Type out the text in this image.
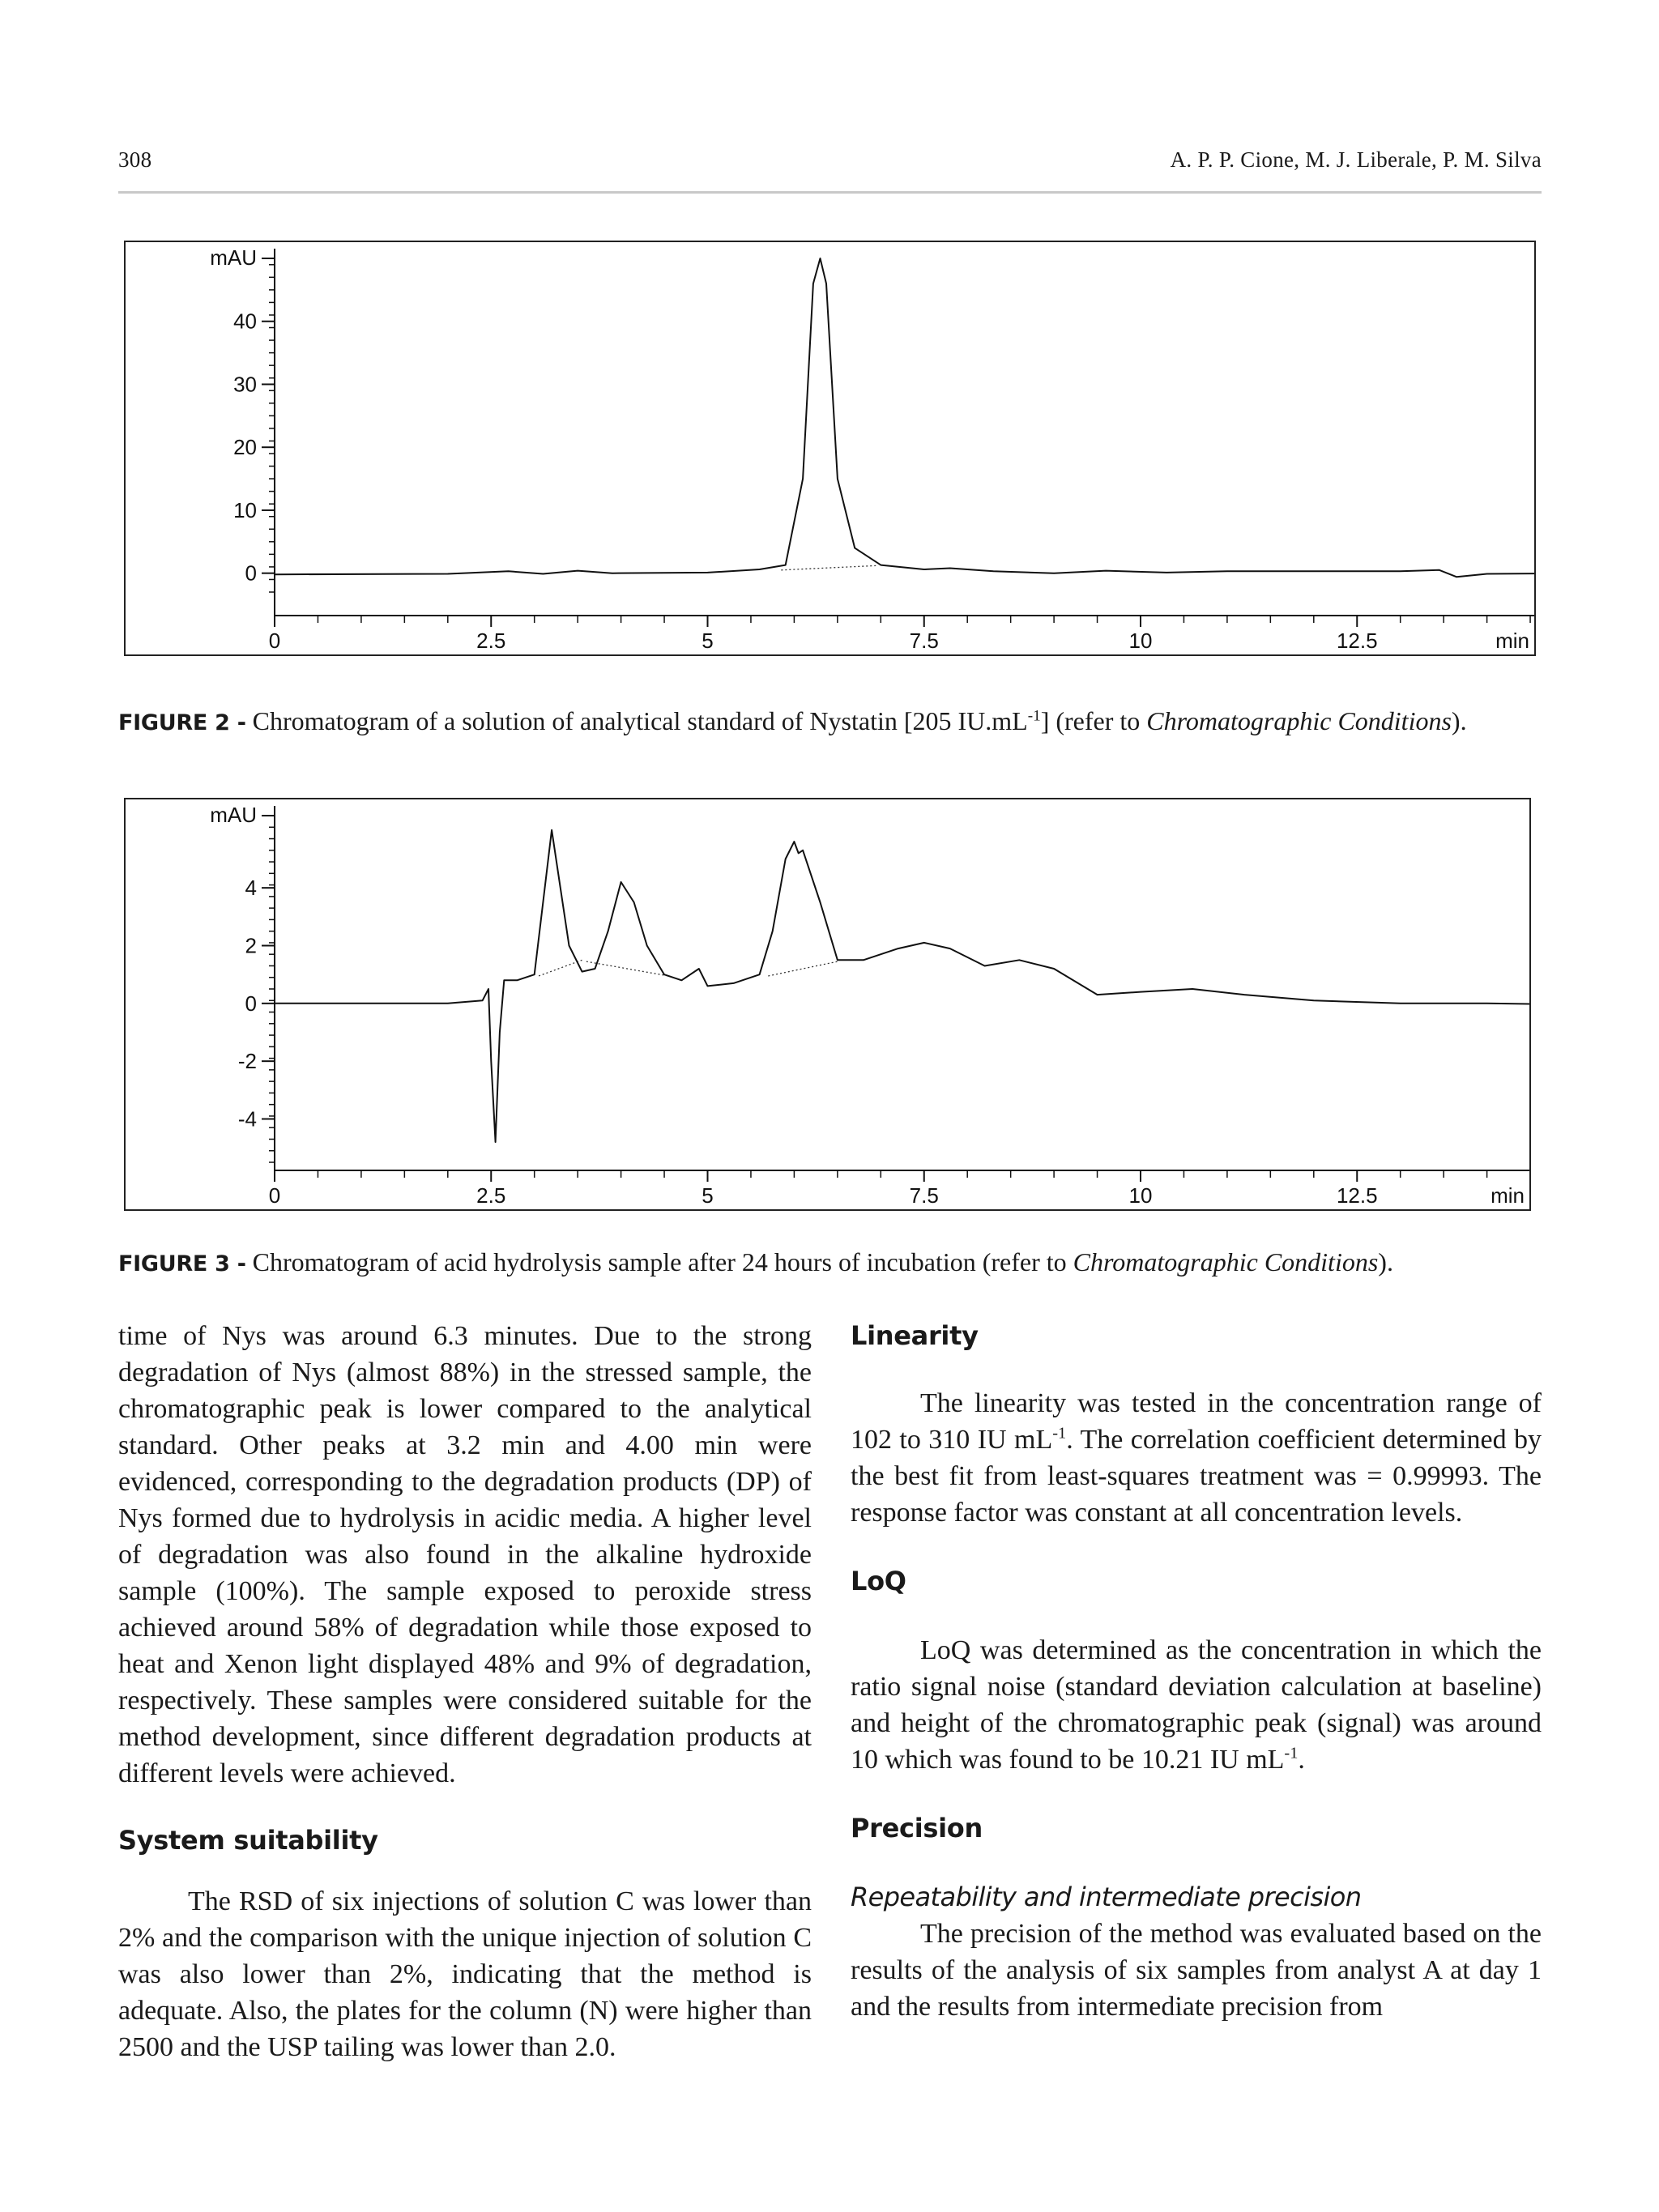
308	A. P. P. Cione, M. J. Liberale, P. M. Silva
mAU
0
10
20
30
40
0	2.5	5	7.5	10	12.5	min
FIGURE 2 - Chromatogram of a solution of analytical standard of Nystatin [205 $IU.mL^{-1}$] (refer to Chromatographic Conditions).
mAU
4
2
0
-2
-4
0	2.5	5	7.5	10	12.5	min
FIGURE 3 - Chromatogram of acid hydrolysis sample after 24 hours of incubation (refer to Chromatographic Conditions).

time of Nys was around 6.3 minutes. Due to the strong degradation of Nys (almost 88%) in the stressed sample, the chromatographic peak is lower compared to the analytical standard. Other peaks at 3.2 min and 4.00 min were evidenced, corresponding to the degradation products (DP) of Nys formed due to hydrolysis in acidic media. A higher level of degradation was also found in the alkaline hydroxide sample (100%). The sample exposed to peroxide stress achieved around 58% of degradation while those exposed to heat and Xenon light displayed 48% and 9% of degradation, respectively. These samples were considered suitable for the method development, since different degradation products at different levels were achieved.

System suitability

The RSD of six injections of solution C was lower than 2% and the comparison with the unique injection of solution C was also lower than 2%, indicating that the method is adequate. Also, the plates for the column (N) were higher than 2500 and the USP tailing was lower than 2.0.

Linearity

The linearity was tested in the concentration range of 102 to 310 IU $mL^{-1}$. The correlation coefficient determined by the best fit from least-squares treatment was = 0.99993. The response factor was constant at all concentration levels.

LoQ

LoQ was determined as the concentration in which the ratio signal noise (standard deviation calculation at baseline) and height of the chromatographic peak (signal) was around 10 which was found to be 10.21 IU $mL^{-1}$.

Precision
Repeatability and intermediate precision

The precision of the method was evaluated based on the results of the analysis of six samples from analyst A at day 1 and the results from intermediate precision from
